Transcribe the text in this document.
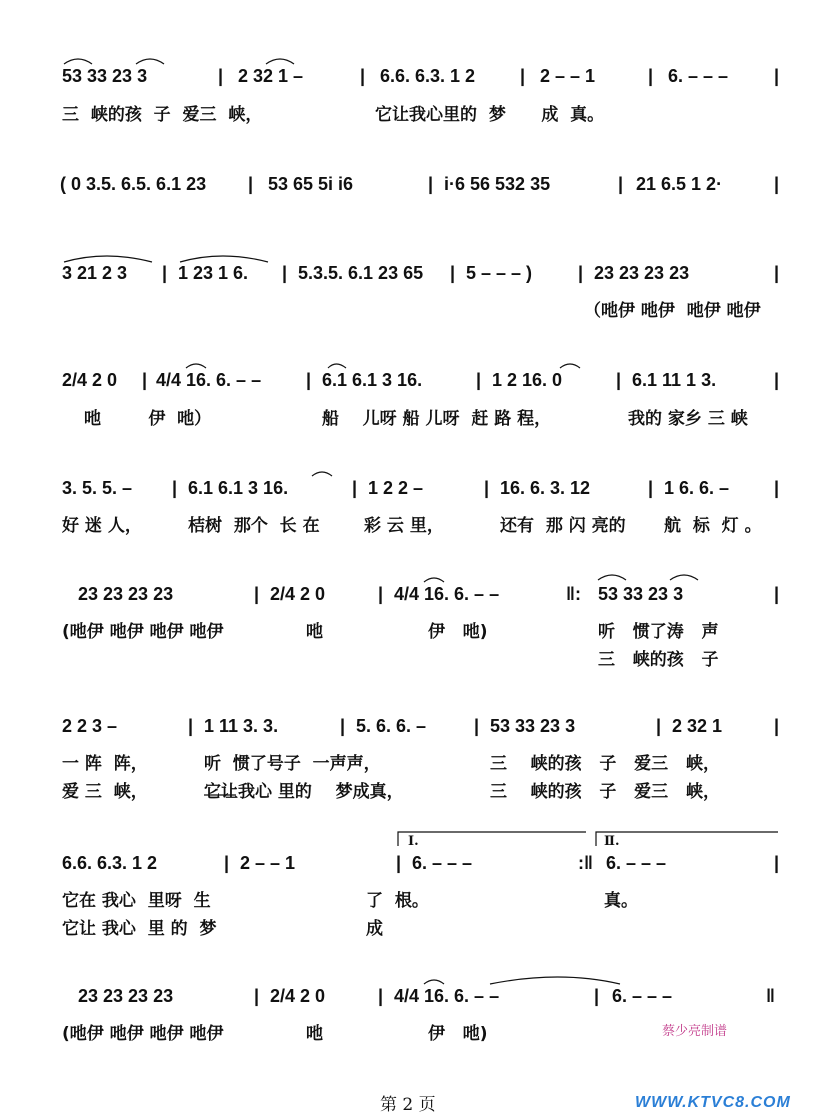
53 33 23 3	| 2 32 1 –	| 6.6. 6.3. 1 2 | 2 – – 1	| 6. – – –	|
三  峡的孩  子  爱三  峡，	它让我心里的  梦      成  真。
( 0 3.5. 6.5. 6.1 23 | 53 65 5i i6	| i·6 56 532 35	| 21 6.5 1 2·	|
3 21 2 3 | 1 23 1 6. | 5.3.5. 6.1 23 65 | 5 – – – )	| 23 23 23 23	|
（吔伊 吔伊  吔伊 吔伊
2/4 2 0 | 4/4 16. 6. – – | 6.1 6.1 3 16.	| 1 2 16. 0	| 6.1 11 1 3.	|
吔        伊  吔）	船    儿呀 船 儿呀  赶 路 程，	我的 家乡 三 峡
3. 5. 5. – | 6.1 6.1 3 16.	| 1 2 2 –	| 16. 6. 3. 12	| 1 6. 6. – |
好 迷 人，	桔树  那个  长 在	彩 云 里，	还有  那 闪 亮的 航  标  灯 。
23 23 23 23	| 2/4 2 0	| 4/4 16. 6. – –	‖: 53 33 23 3	|
(吔伊 吔伊 吔伊 吔伊	吔	伊   吔)	听   惯了涛   声
三   峡的孩   子
2 2 3 –	| 1 11 3. 3.	| 5. 6. 6. –	| 53 33 23 3	| 2 32 1	|
一 阵  阵，	听  惯了号子  一声声，	三    峡的孩   子   爱三   峡，
爱 三  峡，	它让我心 里的    梦成真，	三    峡的孩   子   爱三   峡，
Ⅰ.	Ⅱ.
6.6. 6.3. 1 2	| 2 – – 1	| 6. – – –	:‖ 6. – – –	|
它在 我心  里呀  生	了  根。	真。
它让 我心  里 的  梦	成
23 23 23 23	| 2/4 2 0	| 4/4 16. 6. – –	| 6. – – –	‖
(吔伊 吔伊 吔伊 吔伊	吔	伊   吔)	蔡少亮制谱
第 2 页	WWW.KTVC8.COM
